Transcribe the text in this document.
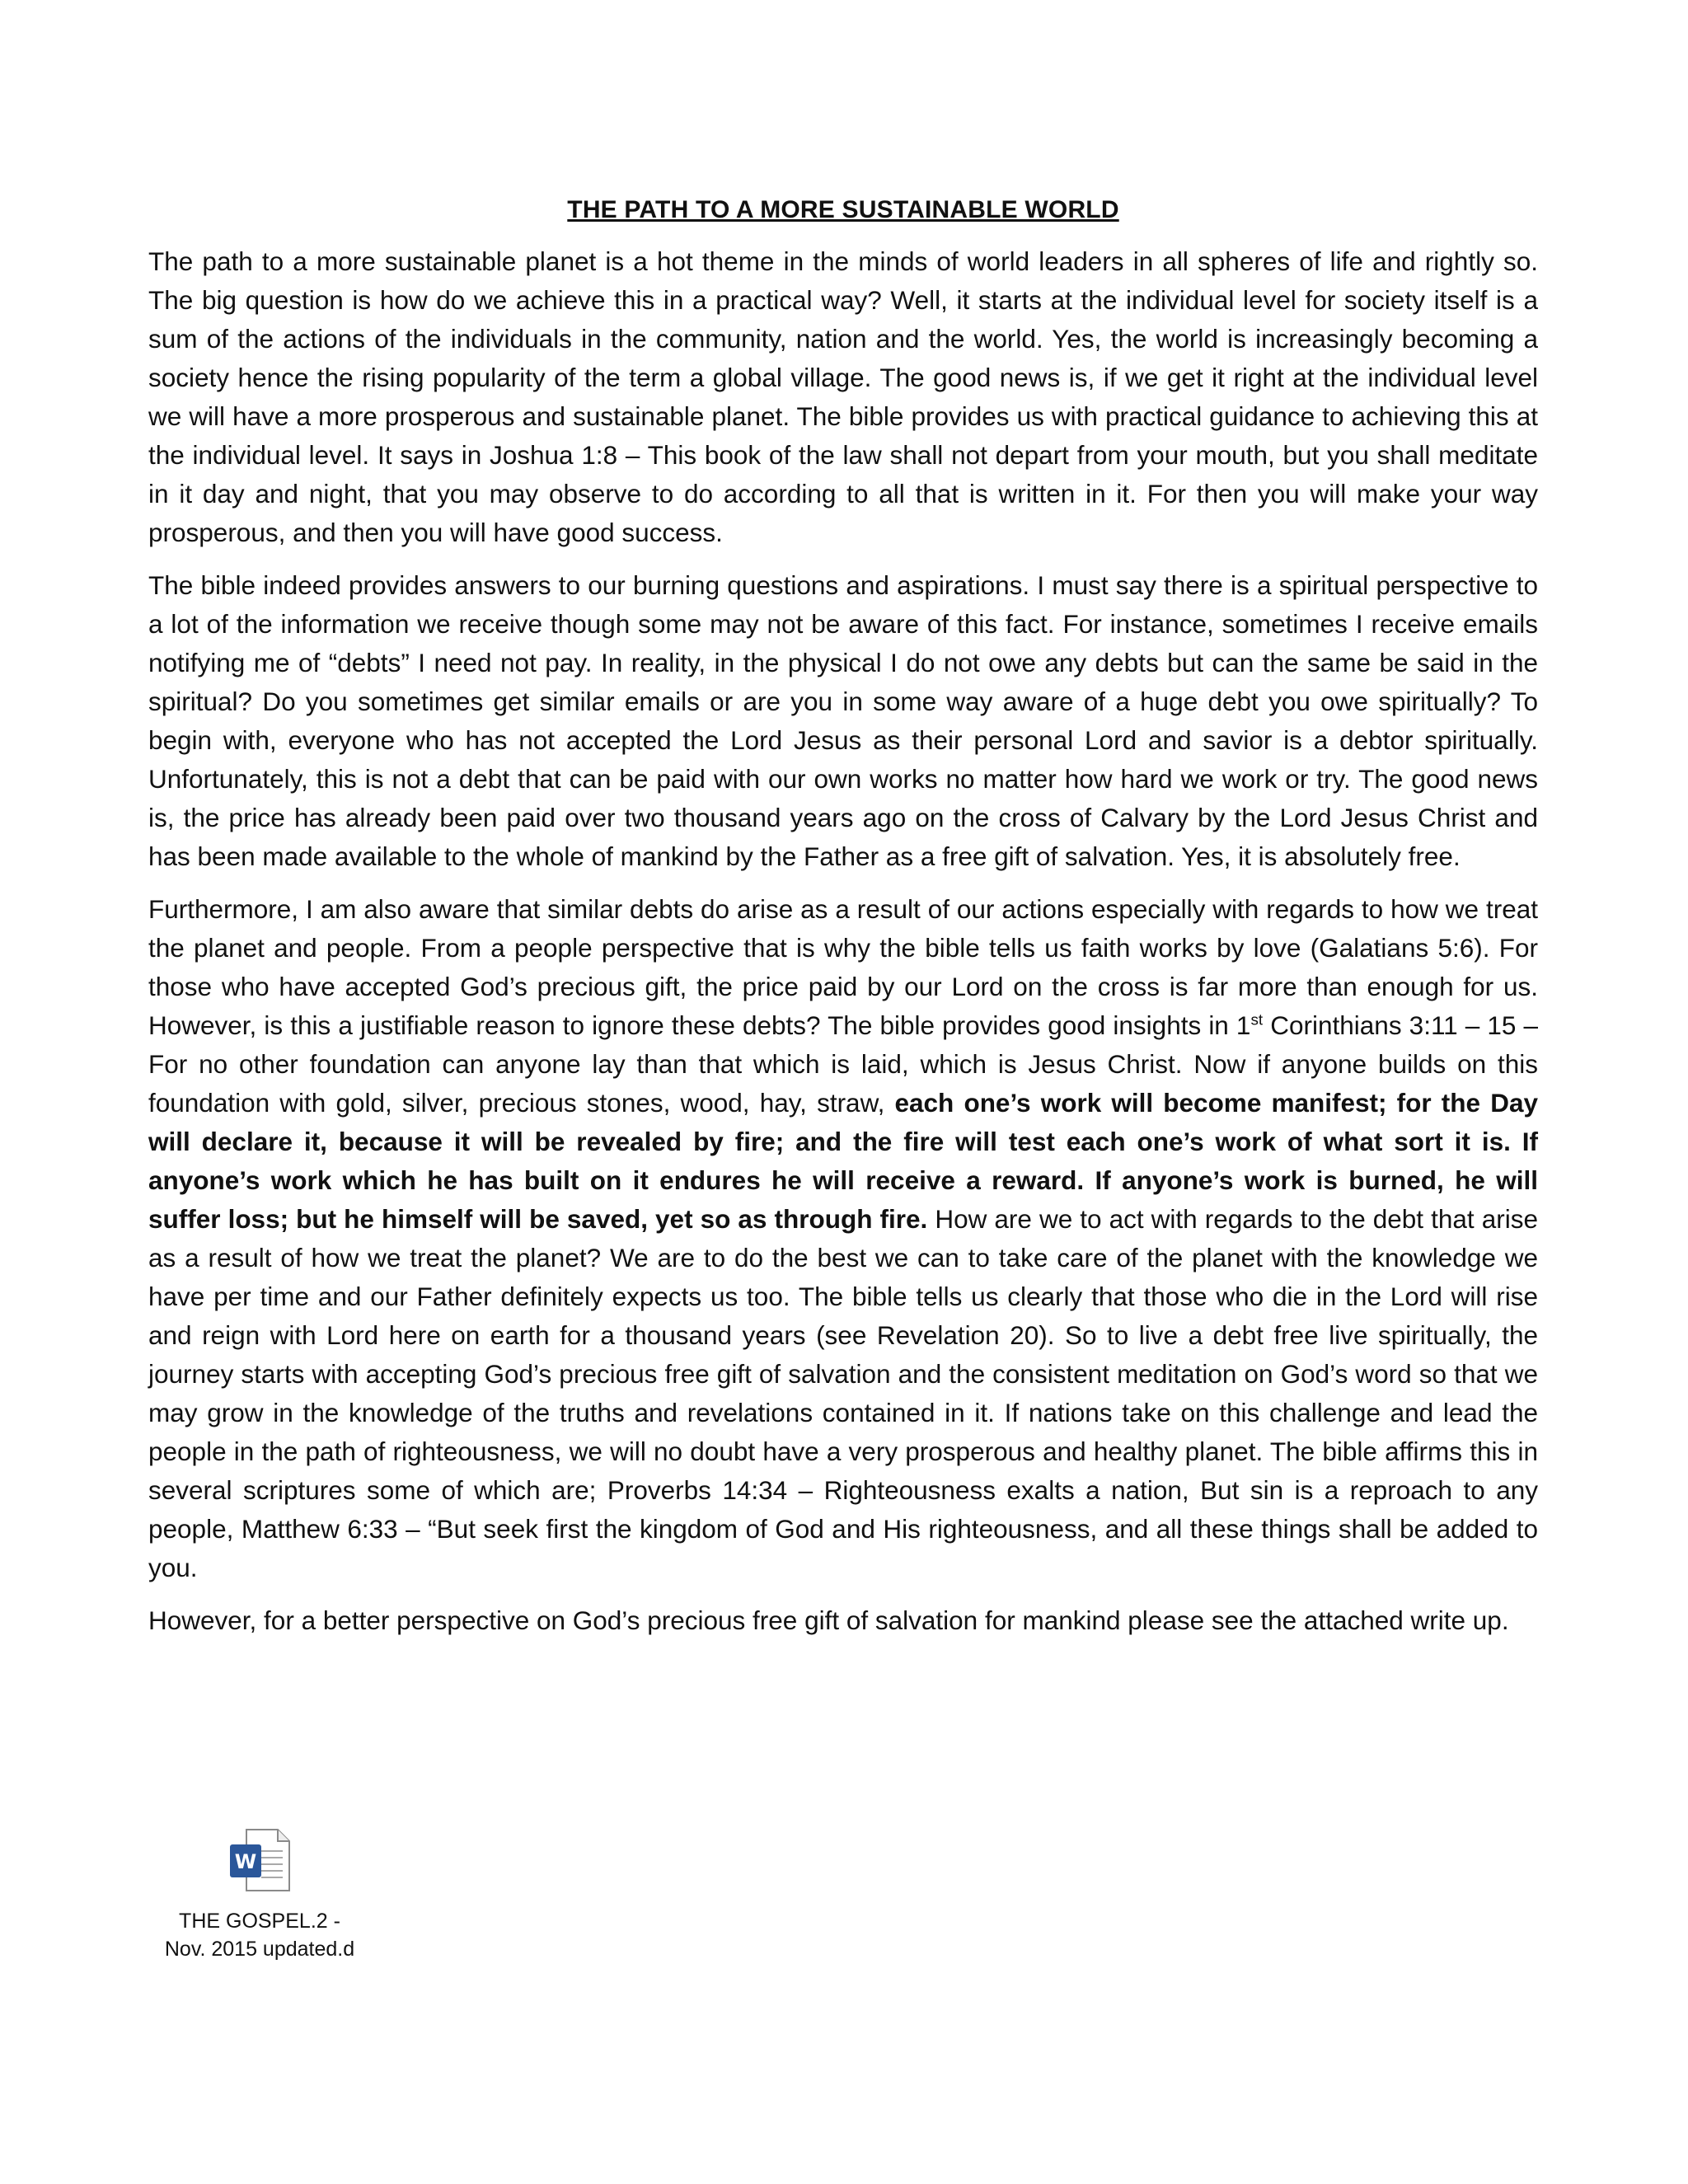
THE PATH TO A MORE SUSTAINABLE WORLD

The path to a more sustainable planet is a hot theme in the minds of world leaders in all spheres of life and rightly so. The big question is how do we achieve this in a practical way? Well, it starts at the individual level for society itself is a sum of the actions of the individuals in the community, nation and the world. Yes, the world is increasingly becoming a society hence the rising popularity of the term a global village. The good news is, if we get it right at the individual level we will have a more prosperous and sustainable planet. The bible provides us with practical guidance to achieving this at the individual level. It says in Joshua 1:8 – This book of the law shall not depart from your mouth, but you shall meditate in it day and night, that you may observe to do according to all that is written in it. For then you will make your way prosperous, and then you will have good success.

The bible indeed provides answers to our burning questions and aspirations. I must say there is a spiritual perspective to a lot of the information we receive though some may not be aware of this fact. For instance, sometimes I receive emails notifying me of “debts” I need not pay. In reality, in the physical I do not owe any debts but can the same be said in the spiritual? Do you sometimes get similar emails or are you in some way aware of a huge debt you owe spiritually? To begin with, everyone who has not accepted the Lord Jesus as their personal Lord and savior is a debtor spiritually. Unfortunately, this is not a debt that can be paid with our own works no matter how hard we work or try. The good news is, the price has already been paid over two thousand years ago on the cross of Calvary by the Lord Jesus Christ and has been made available to the whole of mankind by the Father as a free gift of salvation. Yes, it is absolutely free.

Furthermore, I am also aware that similar debts do arise as a result of our actions especially with regards to how we treat the planet and people. From a people perspective that is why the bible tells us faith works by love (Galatians 5:6). For those who have accepted God’s precious gift, the price paid by our Lord on the cross is far more than enough for us. However, is this a justifiable reason to ignore these debts? The bible provides good insights in 1st Corinthians 3:11 – 15 – For no other foundation can anyone lay than that which is laid, which is Jesus Christ. Now if anyone builds on this foundation with gold, silver, precious stones, wood, hay, straw, each one’s work will become manifest; for the Day will declare it, because it will be revealed by fire; and the fire will test each one’s work of what sort it is. If anyone’s work which he has built on it endures he will receive a reward. If anyone’s work is burned, he will suffer loss; but he himself will be saved, yet so as through fire. How are we to act with regards to the debt that arise as a result of how we treat the planet? We are to do the best we can to take care of the planet with the knowledge we have per time and our Father definitely expects us too. The bible tells us clearly that those who die in the Lord will rise and reign with Lord here on earth for a thousand years (see Revelation 20). So to live a debt free live spiritually, the journey starts with accepting God’s precious free gift of salvation and the consistent meditation on God’s word so that we may grow in the knowledge of the truths and revelations contained in it. If nations take on this challenge and lead the people in the path of righteousness, we will no doubt have a very prosperous and healthy planet. The bible affirms this in several scriptures some of which are; Proverbs 14:34 – Righteousness exalts a nation, But sin is a reproach to any people, Matthew 6:33 – “But seek first the kingdom of God and His righteousness, and all these things shall be added to you.

However, for a better perspective on God’s precious free gift of salvation for mankind please see the attached write up.

W
THE GOSPEL.2 -
Nov. 2015 updated.d
